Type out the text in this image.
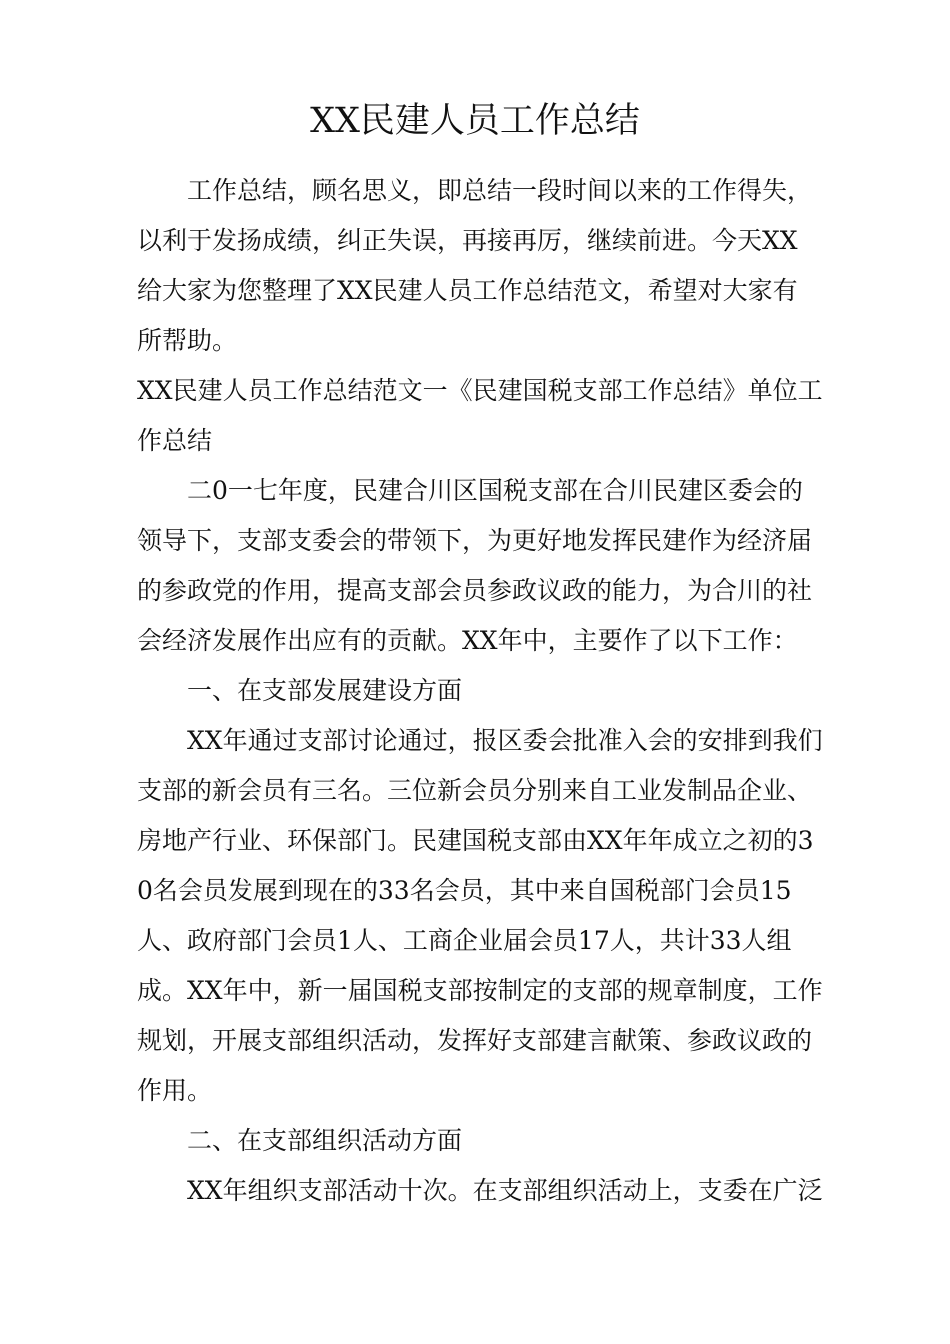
XX民建人员工作总结
工作总结，顾名思义，即总结一段时间以来的工作得失，
以利于发扬成绩，纠正失误，再接再厉，继续前进。今天XX
给大家为您整理了XX民建人员工作总结范文，希望对大家有
所帮助。
XX民建人员工作总结范文一《民建国税支部工作总结》单位工
作总结
二0一七年度，民建合川区国税支部在合川民建区委会的
领导下，支部支委会的带领下，为更好地发挥民建作为经济届
的参政党的作用，提高支部会员参政议政的能力，为合川的社
会经济发展作出应有的贡献。XX年中，主要作了以下工作：
一、在支部发展建设方面
XX年通过支部讨论通过，报区委会批准入会的安排到我们
支部的新会员有三名。三位新会员分别来自工业发制品企业、
房地产行业、环保部门。民建国税支部由XX年年成立之初的3
0名会员发展到现在的33名会员，其中来自国税部门会员15
人、政府部门会员1人、工商企业届会员17人，共计33人组
成。XX年中，新一届国税支部按制定的支部的规章制度，工作
规划，开展支部组织活动，发挥好支部建言献策、参政议政的
作用。
二、在支部组织活动方面
XX年组织支部活动十次。在支部组织活动上，支委在广泛
